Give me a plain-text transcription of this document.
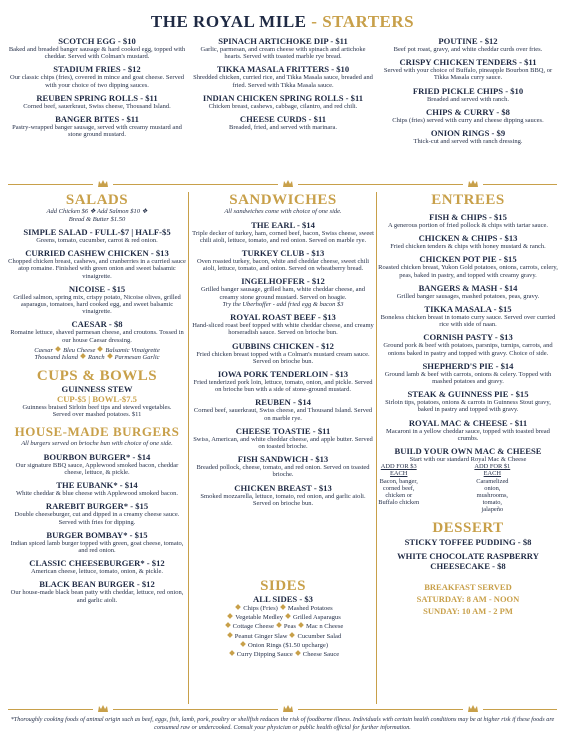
THE ROYAL MILE - STARTERS
SCOTCH EGG - $10
Baked and breaded banger sausage & hard cooked egg, topped with cheddar. Served with Colman's mustard.
STADIUM FRIES - $12
Our classic chips (fries), covered in mince and goat cheese. Served with your choice of two dipping sauces.
REUBEN SPRING ROLLS - $11
Corned beef, sauerkraut, Swiss cheese, Thousand Island.
BANGER BITES - $11
Pastry-wrapped banger sausage, served with creamy mustard and stone ground mustard.
SPINACH ARTICHOKE DIP - $11
Garlic, parmesan, and cream cheese with spinach and artichoke hearts. Served with toasted marble rye bread.
TIKKA MASALA FRITTERS - $10
Shredded chicken, curried rice, and Tikka Masala sauce, breaded and fried. Served with Tikka Masala sauce.
INDIAN CHICKEN SPRING ROLLS - $11
Chicken breast, cashews, cabbage, cilantro, and red chili.
CHEESE CURDS - $11
Breaded, fried, and served with marinara.
POUTINE - $12
Beef pot roast, gravy, and white cheddar curds over fries.
CRISPY CHICKEN TENDERS - $11
Served with your choice of Buffalo, pineapple Bourbon BBQ, or Tikka Masala curry sauce.
FRIED PICKLE CHIPS - $10
Breaded and served with ranch.
CHIPS & CURRY - $8
Chips (fries) served with curry and cheese dipping sauces.
ONION RINGS - $9
Thick-cut and served with ranch dressing.
SALADS
Add Chicken $6 ❖ Add Salmon $10 ❖
Bread & Butter $1.50
SIMPLE SALAD - FULL-$7 | HALF-$5
Greens, tomato, cucumber, carrot & red onion.
CURRIED CASHEW CHICKEN - $13
Chopped chicken breast, cashews, and cranberries in a curried sauce atop romaine. Finished with green onion and sweet balsamic vinaigrette.
NICOISE - $15
Grilled salmon, spring mix, crispy potato, Nicoise olives, grilled asparagus, tomatoes, hard cooked egg, and sweet balsamic vinaigrette.
CAESAR - $8
Romaine lettuce, shaved parmesan cheese, and croutons. Tossed in our house Caesar dressing.
Caesar Bleu Cheese Balsamic Vinaigrette
Thousand Island Ranch Parmesan Garlic
CUPS & BOWLS
GUINNESS STEW
CUP-$5 | BOWL-$7.5
Guinness braised Sirloin beef tips and stewed vegetables.
Served over mashed potatoes. $11
HOUSE-MADE BURGERS
All burgers served on brioche bun with choice of one side.
BOURBON BURGER* - $14
Our signature BBQ sauce, Applewood smoked bacon, cheddar cheese, lettuce, & pickle.
THE EUBANK* - $14
White cheddar & blue cheese with Applewood smoked bacon.
RAREBIT BURGER* - $15
Double cheeseburger, cut and dipped in a creamy cheese sauce. Served with fries for dipping.
BURGER BOMBAY* - $15
Indian spiced lamb burger topped with green, goat cheese, tomato, and red onion.
CLASSIC CHEESEBURGER* - $12
American cheese, lettuce, tomato, onion, & pickle.
BLACK BEAN BURGER - $12
Our house-made black bean patty with cheddar, lettuce, red onion, and garlic aioli.
SANDWICHES
All sandwiches come with choice of one side.
THE EARL - $14
Triple decker of turkey, ham, corned beef, bacon, Swiss cheese, sweet chili aioli, lettuce, tomato, and red onion. Served on marble rye.
TURKEY CLUB - $13
Oven roasted turkey, bacon, white and cheddar cheese, sweet chili aioli, lettuce, tomato, and onion. Served on wheatberry bread.
INGELHOFFER - $12
Grilled banger sausage, grilled ham, white cheddar cheese, and creamy stone ground mustard. Served on hoagie.
Try the Uberhoffer - add fried egg & bacon $3
ROYAL ROAST BEEF - $13
Hand-sliced roast beef topped with white cheddar cheese, and creamy horseradish sauce. Served on brioche bun.
GUBBINS CHICKEN - $12
Fried chicken breast topped with a Colman's mustard cream sauce. Served on brioche bun.
IOWA PORK TENDERLOIN - $13
Fried tenderized pork loin, lettuce, tomato, onion, and pickle. Served on brioche bun with a side of stone-ground mustard.
REUBEN - $14
Corned beef, sauerkraut, Swiss cheese, and Thousand Island. Served on marble rye.
CHEESE TOASTIE - $11
Swiss, American, and white cheddar cheese, and apple butter. Served on toasted brioche.
FISH SANDWICH - $13
Breaded pollock, cheese, tomato, and red onion. Served on toasted brioche.
CHICKEN BREAST - $13
Smoked mozzarella, lettuce, tomato, red onion, and garlic aioli. Served on brioche bun.
SIDES
ALL SIDES - $3
Chips (Fries) Mashed Potatoes
Vegetable Medley Grilled Asparagus
Cottage Cheese Peas Mac n Cheese
Peanut Ginger Slaw Cucumber Salad
Onion Rings ($1.50 upcharge)
Curry Dipping Sauce Cheese Sauce
ENTREES
FISH & CHIPS - $15
A generous portion of fried pollock & chips with tartar sauce.
CHICKEN & CHIPS - $13
Fried chicken tenders & chips with honey mustard & ranch.
CHICKEN POT PIE - $15
Roasted chicken breast, Yukon Gold potatoes, onions, carrots, celery, peas, baked in pastry, and topped with creamy gravy.
BANGERS & MASH - $14
Grilled banger sausages, mashed potatoes, peas, gravy.
TIKKA MASALA - $15
Boneless chicken breast in tomato curry sauce. Served over curried rice with side of naan.
CORNISH PASTY - $13
Ground pork & beef with potatoes, parsnips, turnips, carrots, and onions baked in pastry and topped with gravy. Choice of side.
SHEPHERD'S PIE - $14
Ground lamb & beef with carrots, onions & celery. Topped with mashed potatoes and gravy.
STEAK & GUINNESS PIE - $15
Sirloin tips, potatoes, onions & carrots in Guinness Stout gravy, baked in pastry and topped with gravy.
ROYAL MAC & CHEESE - $11
Macaroni in a yellow cheddar sauce, topped with toasted bread crumbs.
BUILD YOUR OWN MAC & CHEESE
Start with our standard Royal Mac & Cheese
ADD FOR $3 EACH
Bacon, banger, corned beef, chicken or Buffalo chicken
ADD FOR $1 EACH
Caramelized onion, mushrooms, tomato, jalapeño
DESSERT
STICKY TOFFEE PUDDING - $8
WHITE CHOCOLATE RASPBERRY CHEESECAKE - $8
BREAKFAST SERVED
SATURDAY: 8 AM - NOON
SUNDAY: 10 AM - 2 PM
*Thoroughly cooking foods of animal origin such as beef, eggs, fish, lamb, pork, poultry or shellfish reduces the risk of foodborne illness. Individuals with certain health conditions may be at higher risk if these foods are consumed raw or undercooked. Consult your physician or public health official for further information.
